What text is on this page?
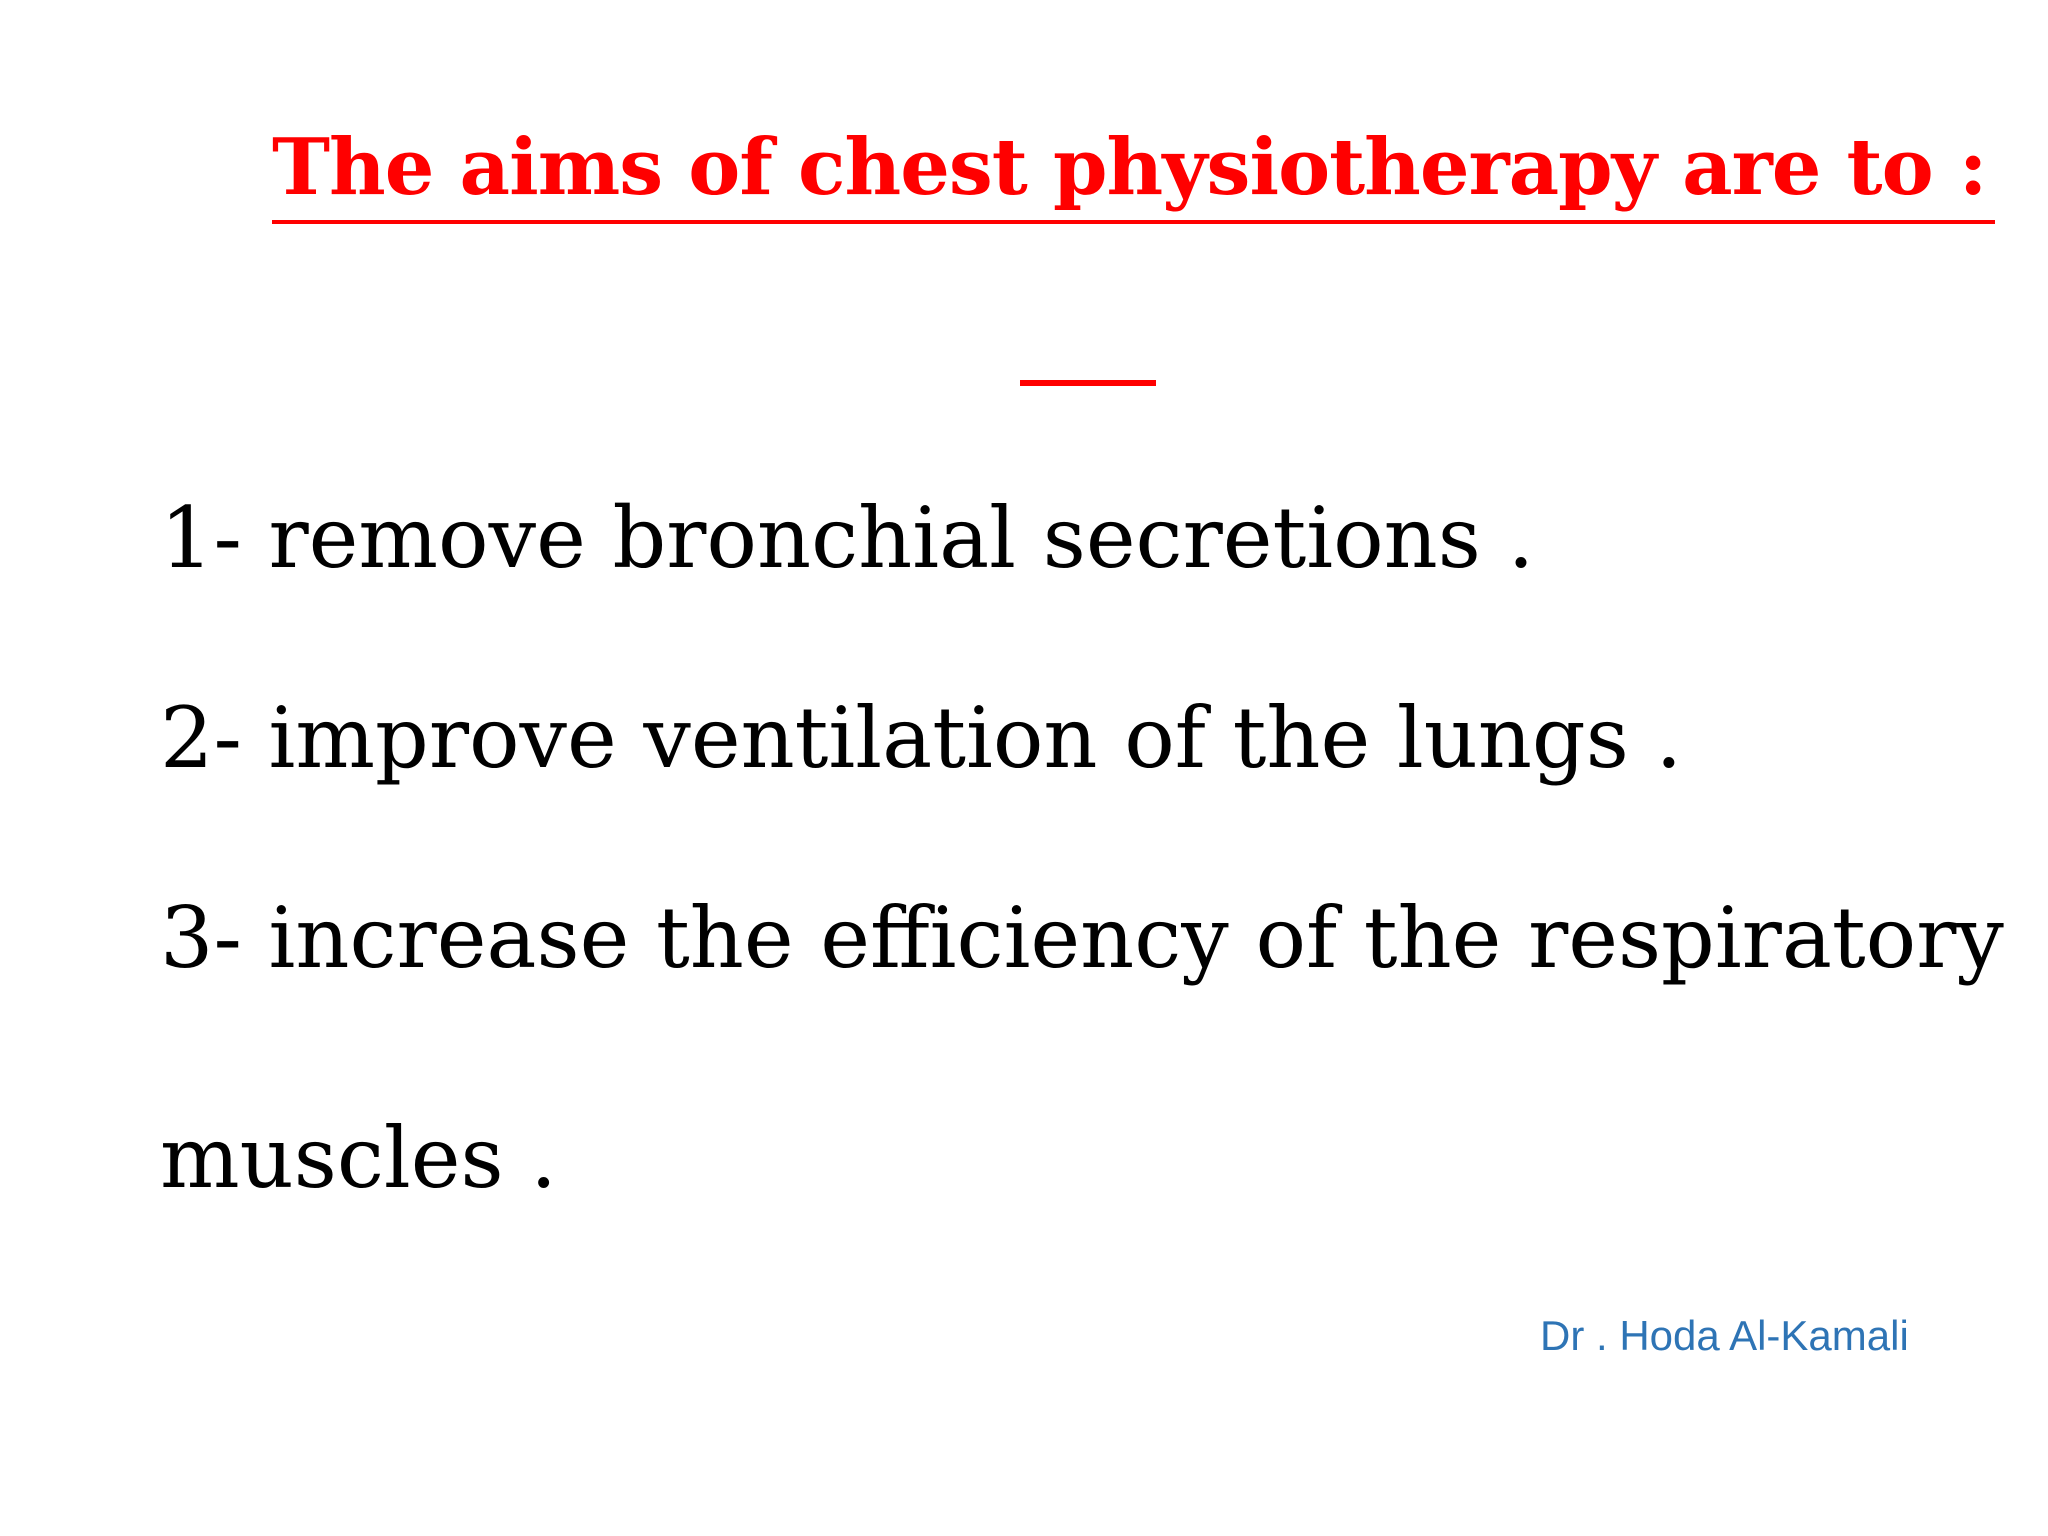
The aims of chest physiotherapy are to :
1- remove bronchial secretions .
2- improve ventilation of the lungs .
3- increase the efficiency of the respiratory
muscles .
Dr . Hoda Al-Kamali
